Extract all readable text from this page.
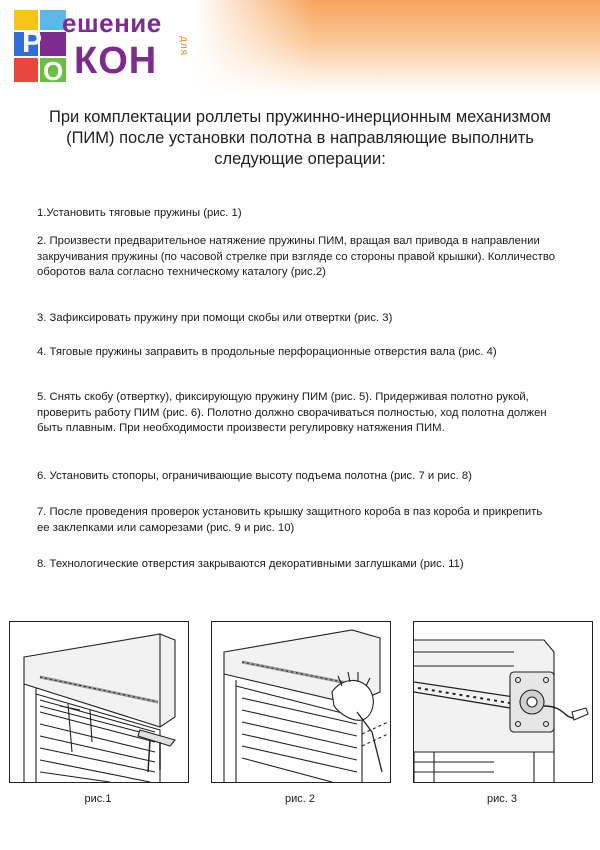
Р
О
ешение
КОН для
При комплектации роллеты пружинно-инерционным механизмом (ПИМ) после установки полотна в направляющие выполнить следующие операции:
1.Установить тяговые пружины (рис. 1)
2. Произвести предварительное натяжение пружины ПИМ, вращая вал привода в направлении закручивания пружины (по часовой стрелке при взгляде со стороны правой крышки). Колличество оборотов вала согласно техническому каталогу (рис.2)
3. Зафиксировать пружину при помощи скобы или отвертки (рис. 3)
4. Тяговые пружины заправить в продольные перфорационные отверстия вала (рис. 4)
5. Снять скобу (отвертку), фиксирующую пружину ПИМ (рис. 5). Придерживая полотно рукой, проверить работу ПИМ (рис. 6). Полотно должно сворачиваться полностью, ход полотна должен быть плавным. При необходимости произвести регулировку натяжения ПИМ.
6. Установить стопоры, ограничивающие высоту подъема полотна (рис. 7 и рис. 8)
7. После проведения проверок установить крышку защитного короба в паз короба и прикрепить ее заклепками или саморезами (рис. 9 и рис. 10)
8. Технологические отверстия закрываются декоративными заглушками (рис. 11)
рис.1	рис. 2	рис. 3
